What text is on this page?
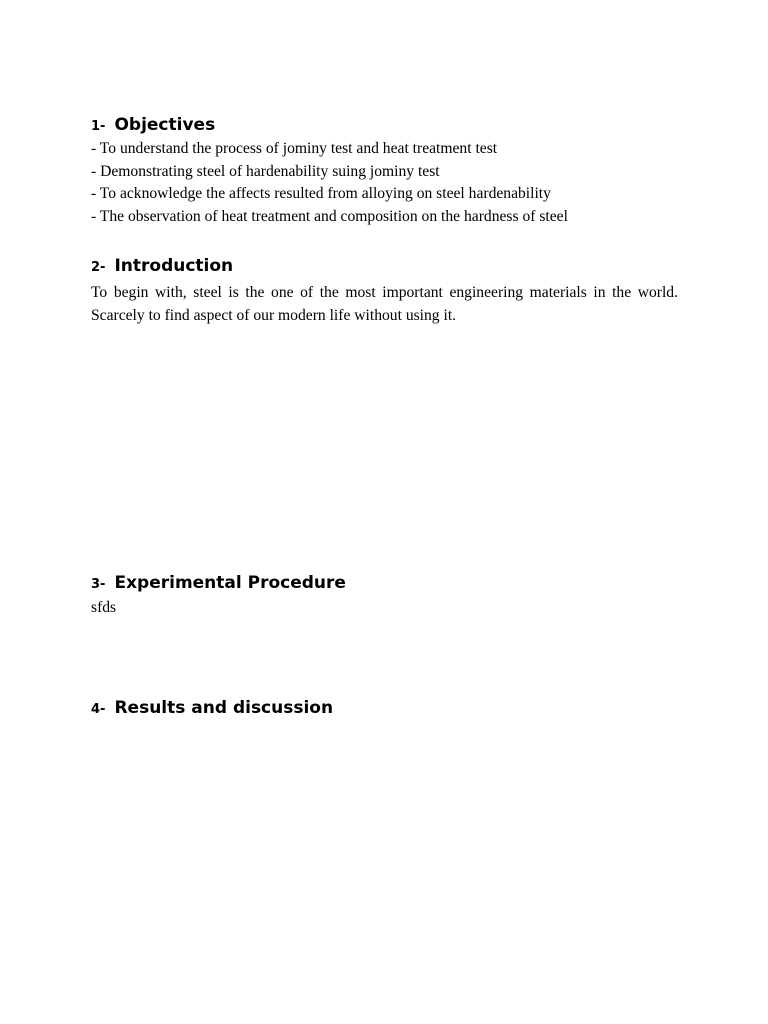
1- Objectives
- To understand the process of jominy test and heat treatment test
- Demonstrating steel of hardenability suing jominy test
- To acknowledge the affects resulted from alloying on steel hardenability
- The observation of heat treatment and composition on the hardness of steel
2- Introduction

To begin with, steel is the one of the most important engineering materials in the world. Scarcely to find aspect of our modern life without using it.

3- Experimental Procedure

sfds

4- Results and discussion
